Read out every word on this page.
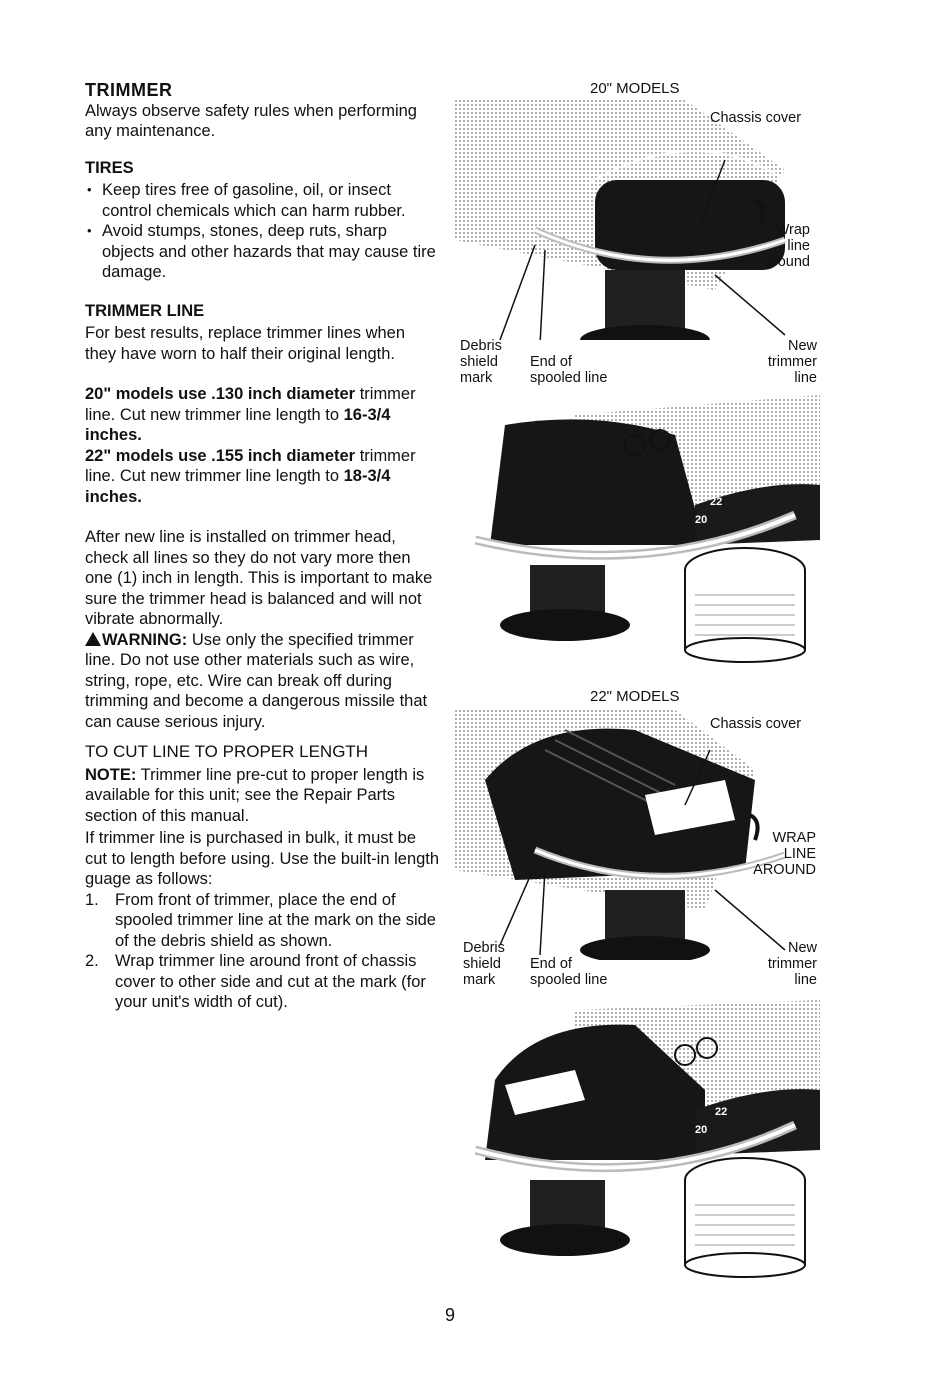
TRIMMER

Always observe safety rules when performing any maintenance.

TIRES
• Keep tires free of gasoline, oil, or insect control chemicals which can harm rubber.
• Avoid stumps, stones, deep ruts, sharp objects and other hazards that may cause tire damage.
TRIMMER LINE

For best results, replace trimmer lines when they have worn to half their original length.

20" models use .130 inch diameter trimmer line. Cut new trimmer line length to 16-3/4 inches.

22" models use .155 inch diameter trimmer line. Cut new trimmer line length to 18-3/4 inches.

After new line is installed on trimmer head, check all lines so they do not vary more then one (1) inch in length. This is important to make sure the trimmer head is balanced and will not vibrate abnormally.

WARNING: Use only the specified trimmer line. Do not use other materials such as wire, string, rope, etc. Wire can break off during trimming and become a dangerous missile that can cause serious injury.

TO CUT LINE TO PROPER LENGTH

NOTE: Trimmer line pre-cut to proper length is available for this unit; see the Repair Parts section of this manual.

If trimmer line is purchased in bulk, it must be cut to length before using. Use the built-in length guage as follows:

1. From front of trimmer, place the end of spooled trimmer line at the mark on the side of the debris shield as shown.
2. Wrap trimmer line around front of chassis cover to other side and cut at the mark (for your unit's width of cut).
20" MODELS
Chassis cover
Wrap
line
around
Debris
shield
mark
End of
spooled line
New
trimmer
line
22
20
22" MODELS
Chassis cover
WRAP
LINE
AROUND
Debris
shield
mark
End of
spooled line
New
trimmer
line
22
20
9
